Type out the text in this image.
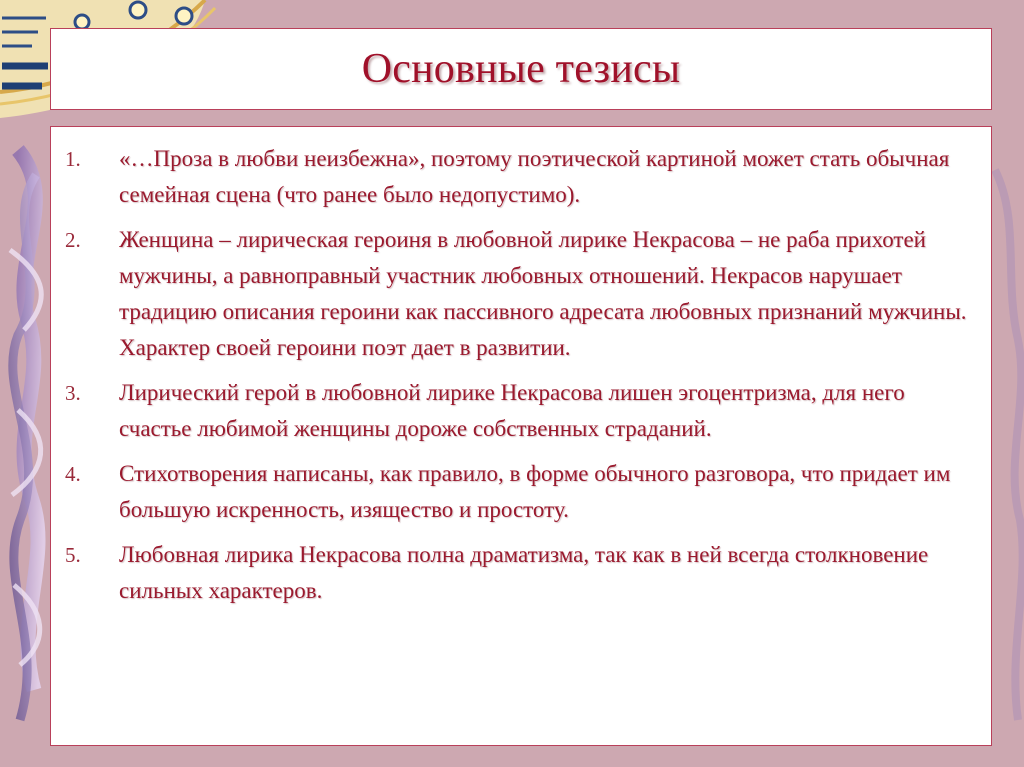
Основные тезисы
1.	«…Проза в любви неизбежна», поэтому поэтической картиной может стать обычная семейная сцена (что ранее было недопустимо).
2.	Женщина – лирическая героиня в любовной лирике Некрасова – не раба прихотей мужчины, а равноправный участник любовных отношений. Некрасов нарушает традицию описания героини как пассивного адресата любовных признаний мужчины. Характер своей героини поэт дает в развитии.
3.	Лирический герой в любовной лирике Некрасова лишен эгоцентризма, для него счастье любимой женщины дороже собственных страданий.
4.	Стихотворения написаны, как правило, в форме обычного разговора, что придает им большую искренность, изящество и простоту.
5.	Любовная лирика Некрасова полна драматизма, так как в ней всегда столкновение сильных характеров.
